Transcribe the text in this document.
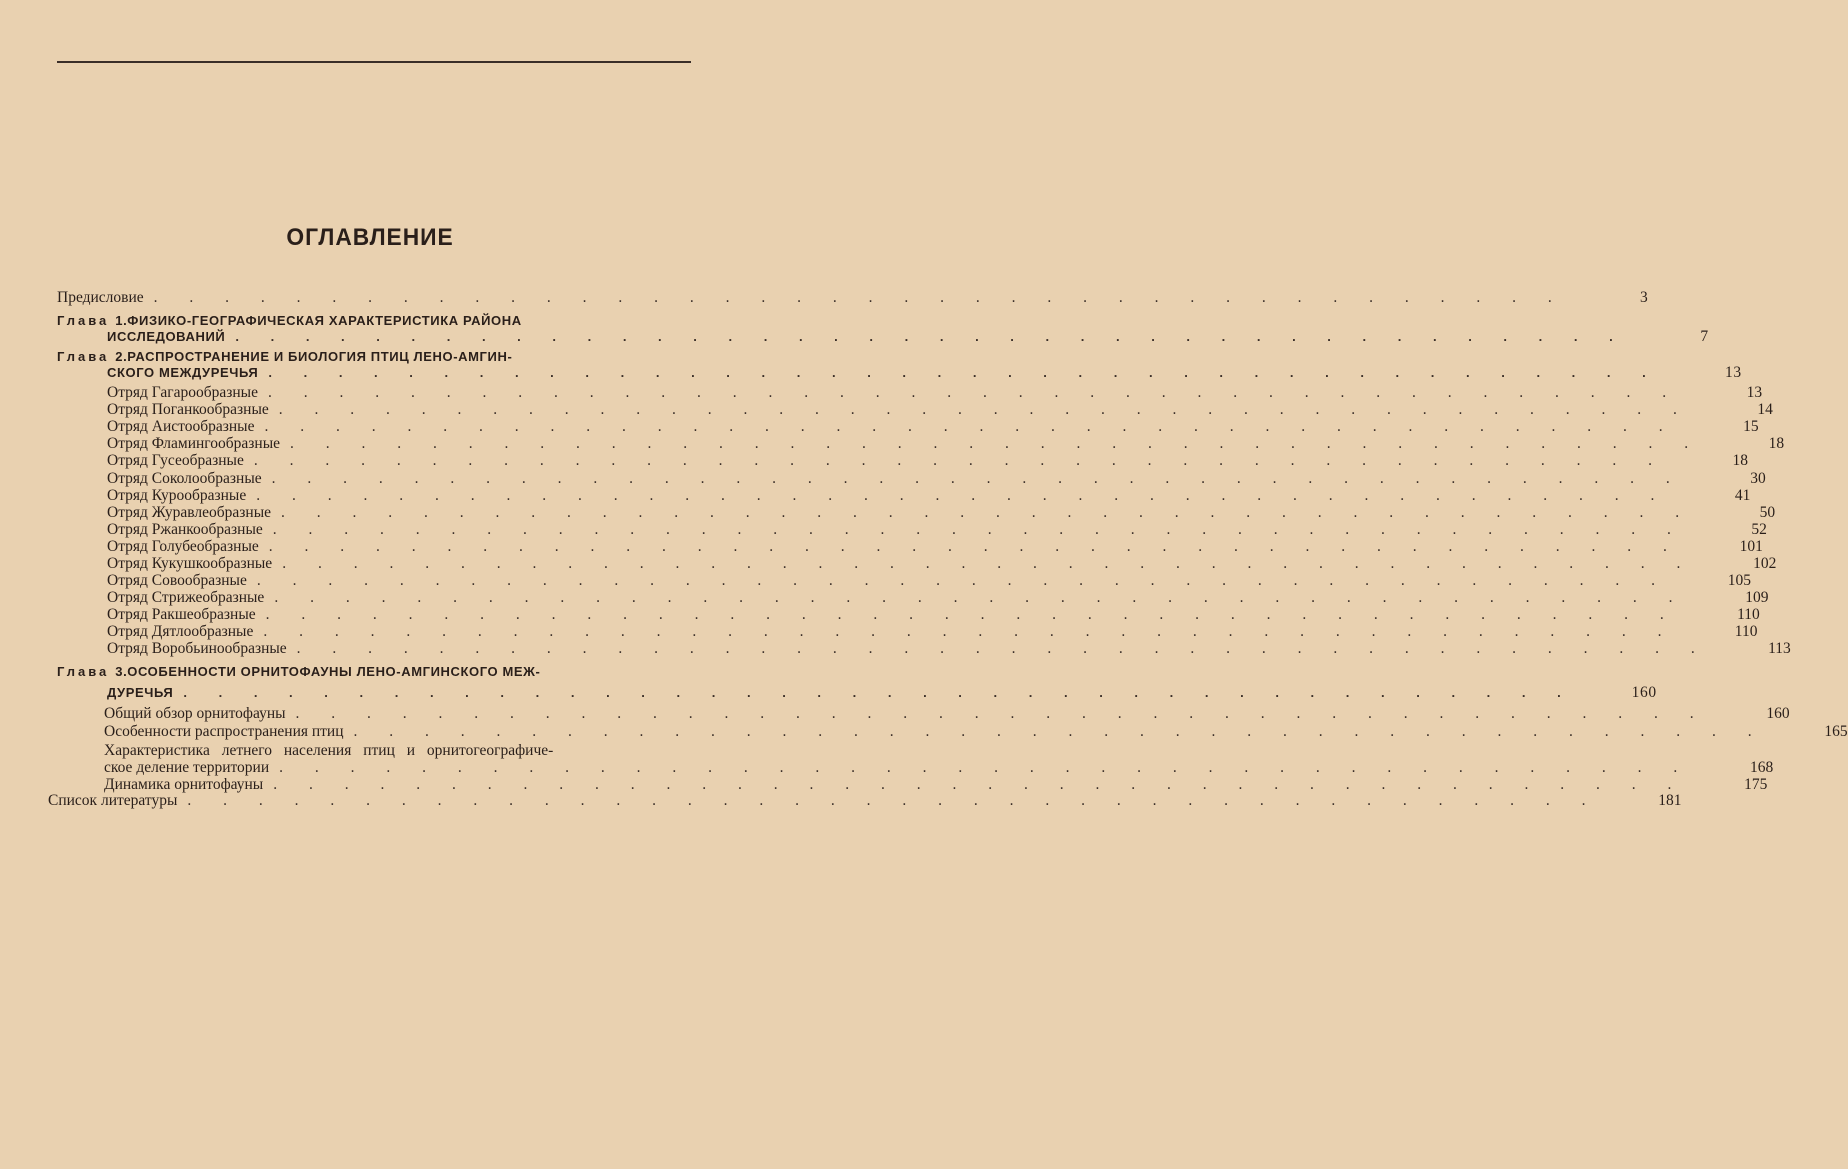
ОГЛАВЛЕНИЕ
Предисловие . . . . . . . . . . . . . . . . . . . . . . . . . . . . . . . . . . . . . . . .	3
Глава 1.ФИЗИКО-ГЕОГРАФИЧЕСКАЯ ХАРАКТЕРИСТИКА РАЙОНА
ИССЛЕДОВАНИЙ . . . . . . . . . . . . . . . . . . . . . . . . . . . . . . . . . . . . . . . .	7
Глава 2.РАСПРОСТРАНЕНИЕ И БИОЛОГИЯ ПТИЦ ЛЕНО-АМГИН-
СКОГО МЕЖДУРЕЧЬЯ . . . . . . . . . . . . . . . . . . . . . . . . . . . . . . . . . . . . . . . .	13
Отряд Гагарообразные . . . . . . . . . . . . . . . . . . . . . . . . . . . . . . . . . . . . . . . .	13
Отряд Поганкообразные . . . . . . . . . . . . . . . . . . . . . . . . . . . . . . . . . . . . . . . .	14
Отряд Аистообразные . . . . . . . . . . . . . . . . . . . . . . . . . . . . . . . . . . . . . . . .	15
Отряд Фламингообразные . . . . . . . . . . . . . . . . . . . . . . . . . . . . . . . . . . . . . . . .	18
Отряд Гусеобразные . . . . . . . . . . . . . . . . . . . . . . . . . . . . . . . . . . . . . . . .	18
Отряд Соколообразные . . . . . . . . . . . . . . . . . . . . . . . . . . . . . . . . . . . . . . . .	30
Отряд Курообразные . . . . . . . . . . . . . . . . . . . . . . . . . . . . . . . . . . . . . . . .	41
Отряд Журавлеобразные . . . . . . . . . . . . . . . . . . . . . . . . . . . . . . . . . . . . . . . .	50
Отряд Ржанкообразные . . . . . . . . . . . . . . . . . . . . . . . . . . . . . . . . . . . . . . . .	52
Отряд Голубеобразные . . . . . . . . . . . . . . . . . . . . . . . . . . . . . . . . . . . . . . . .	101
Отряд Кукушкообразные . . . . . . . . . . . . . . . . . . . . . . . . . . . . . . . . . . . . . . . .	102
Отряд Совообразные . . . . . . . . . . . . . . . . . . . . . . . . . . . . . . . . . . . . . . . .	105
Отряд Стрижеобразные . . . . . . . . . . . . . . . . . . . . . . . . . . . . . . . . . . . . . . . .	109
Отряд Ракшеобразные . . . . . . . . . . . . . . . . . . . . . . . . . . . . . . . . . . . . . . . .	110
Отряд Дятлообразные . . . . . . . . . . . . . . . . . . . . . . . . . . . . . . . . . . . . . . . .	110
Отряд Воробьинообразные . . . . . . . . . . . . . . . . . . . . . . . . . . . . . . . . . . . . . . . .	113
Глава 3.ОСОБЕННОСТИ ОРНИТОФАУНЫ ЛЕНО-АМГИНСКОГО МЕЖ-
ДУРЕЧЬЯ . . . . . . . . . . . . . . . . . . . . . . . . . . . . . . . . . . . . . . . .	160
Общий обзор орнитофауны . . . . . . . . . . . . . . . . . . . . . . . . . . . . . . . . . . . . . . . .	160
Особенности распространения птиц . . . . . . . . . . . . . . . . . . . . . . . . . . . . . . . . . . . . . . . .	165
Характеристика летнего населения птиц и орнитогеографиче-
ское деление территории . . . . . . . . . . . . . . . . . . . . . . . . . . . . . . . . . . . . . . . .	168
Динамика орнитофауны . . . . . . . . . . . . . . . . . . . . . . . . . . . . . . . . . . . . . . . .	175
Список литературы . . . . . . . . . . . . . . . . . . . . . . . . . . . . . . . . . . . . . . . .	181
